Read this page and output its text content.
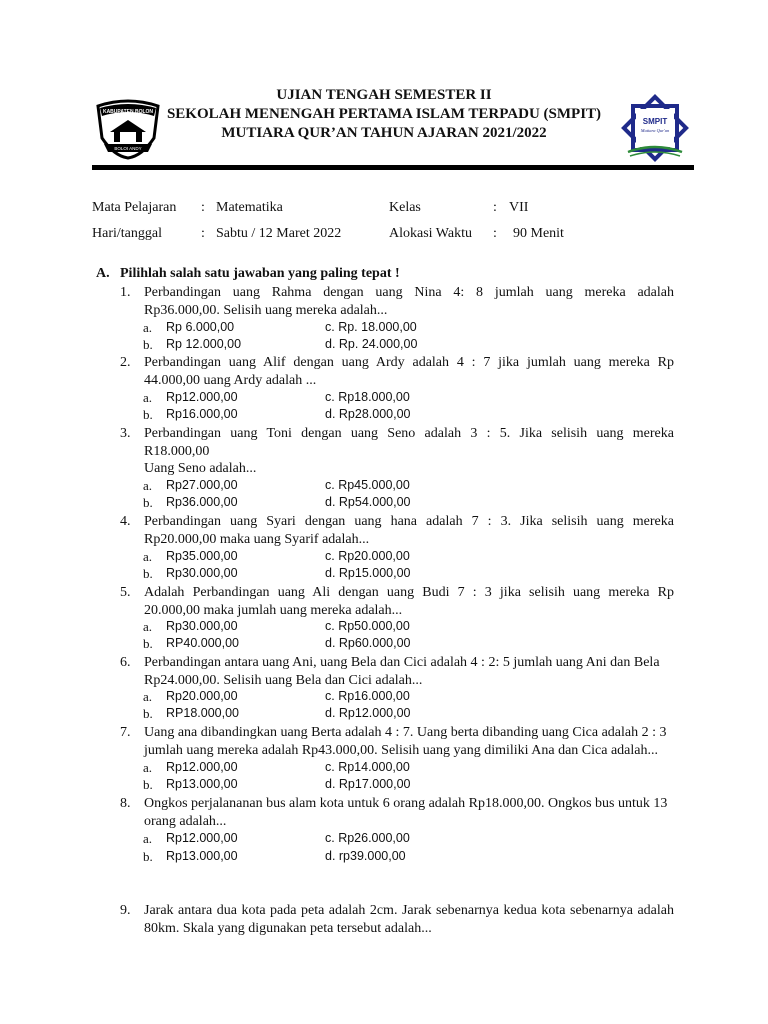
KABUPATEN BOLON
BOLOI ANDY
UJIAN TENGAH SEMESTER II
SEKOLAH MENENGAH PERTAMA ISLAM TERPADU (SMPIT)
MUTIARA QUR’AN TAHUN AJARAN 2021/2022
SMPIT
Mutiara Qur'an
Mata Pelajaran : Matematika	Kelas	: VII
Hari/tanggal	: Sabtu / 12 Maret 2022	Alokasi Waktu : 90 Menit
A. Pilihlah salah satu jawaban yang paling tepat !
1. Perbandingan uang Rahma dengan uang Nina 4: 8 jumlah uang mereka adalah
Rp36.000,00. Selisih uang mereka adalah...
a. Rp 6.000,00	c. Rp. 18.000,00
b. Rp 12.000,00	d. Rp. 24.000,00
2. Perbandingan uang Alif dengan uang Ardy adalah 4 : 7 jika jumlah uang mereka Rp
44.000,00 uang Ardy adalah ...
a. Rp12.000,00	c. Rp18.000,00
b. Rp16.000,00	d. Rp28.000,00
3. Perbandingan uang Toni dengan uang Seno adalah 3 : 5. Jika selisih uang mereka
R18.000,00
Uang Seno adalah...
a. Rp27.000,00	c. Rp45.000,00
b. Rp36.000,00	d. Rp54.000,00
4. Perbandingan uang Syari dengan uang hana adalah 7 : 3. Jika selisih uang mereka
Rp20.000,00 maka uang Syarif adalah...
a. Rp35.000,00	c. Rp20.000,00
b. Rp30.000,00	d. Rp15.000,00
5. Adalah Perbandingan uang Ali dengan uang Budi 7 : 3 jika selisih uang mereka Rp
20.000,00 maka jumlah uang mereka adalah...
a. Rp30.000,00	c. Rp50.000,00
b. RP40.000,00	d. Rp60.000,00
6. Perbandingan antara uang Ani, uang Bela dan Cici adalah 4 : 2: 5 jumlah uang Ani dan Bela
Rp24.000,00. Selisih uang Bela dan Cici adalah...
a. Rp20.000,00	c. Rp16.000,00
b. RP18.000,00	d. Rp12.000,00
7. Uang ana dibandingkan uang Berta adalah 4 : 7. Uang berta dibanding uang Cica adalah 2 : 3
jumlah uang mereka adalah Rp43.000,00. Selisih uang yang dimiliki Ana dan Cica adalah...
a. Rp12.000,00	c. Rp14.000,00
b. Rp13.000,00	d. Rp17.000,00
8. Ongkos perjalananan bus alam kota untuk 6 orang adalah Rp18.000,00. Ongkos bus untuk 13
orang adalah...
a. Rp12.000,00	c. Rp26.000,00
b. Rp13.000,00	d. rp39.000,00
9. Jarak antara dua kota pada peta adalah 2cm. Jarak sebenarnya kedua kota sebenarnya adalah
80km. Skala yang digunakan peta tersebut adalah...
